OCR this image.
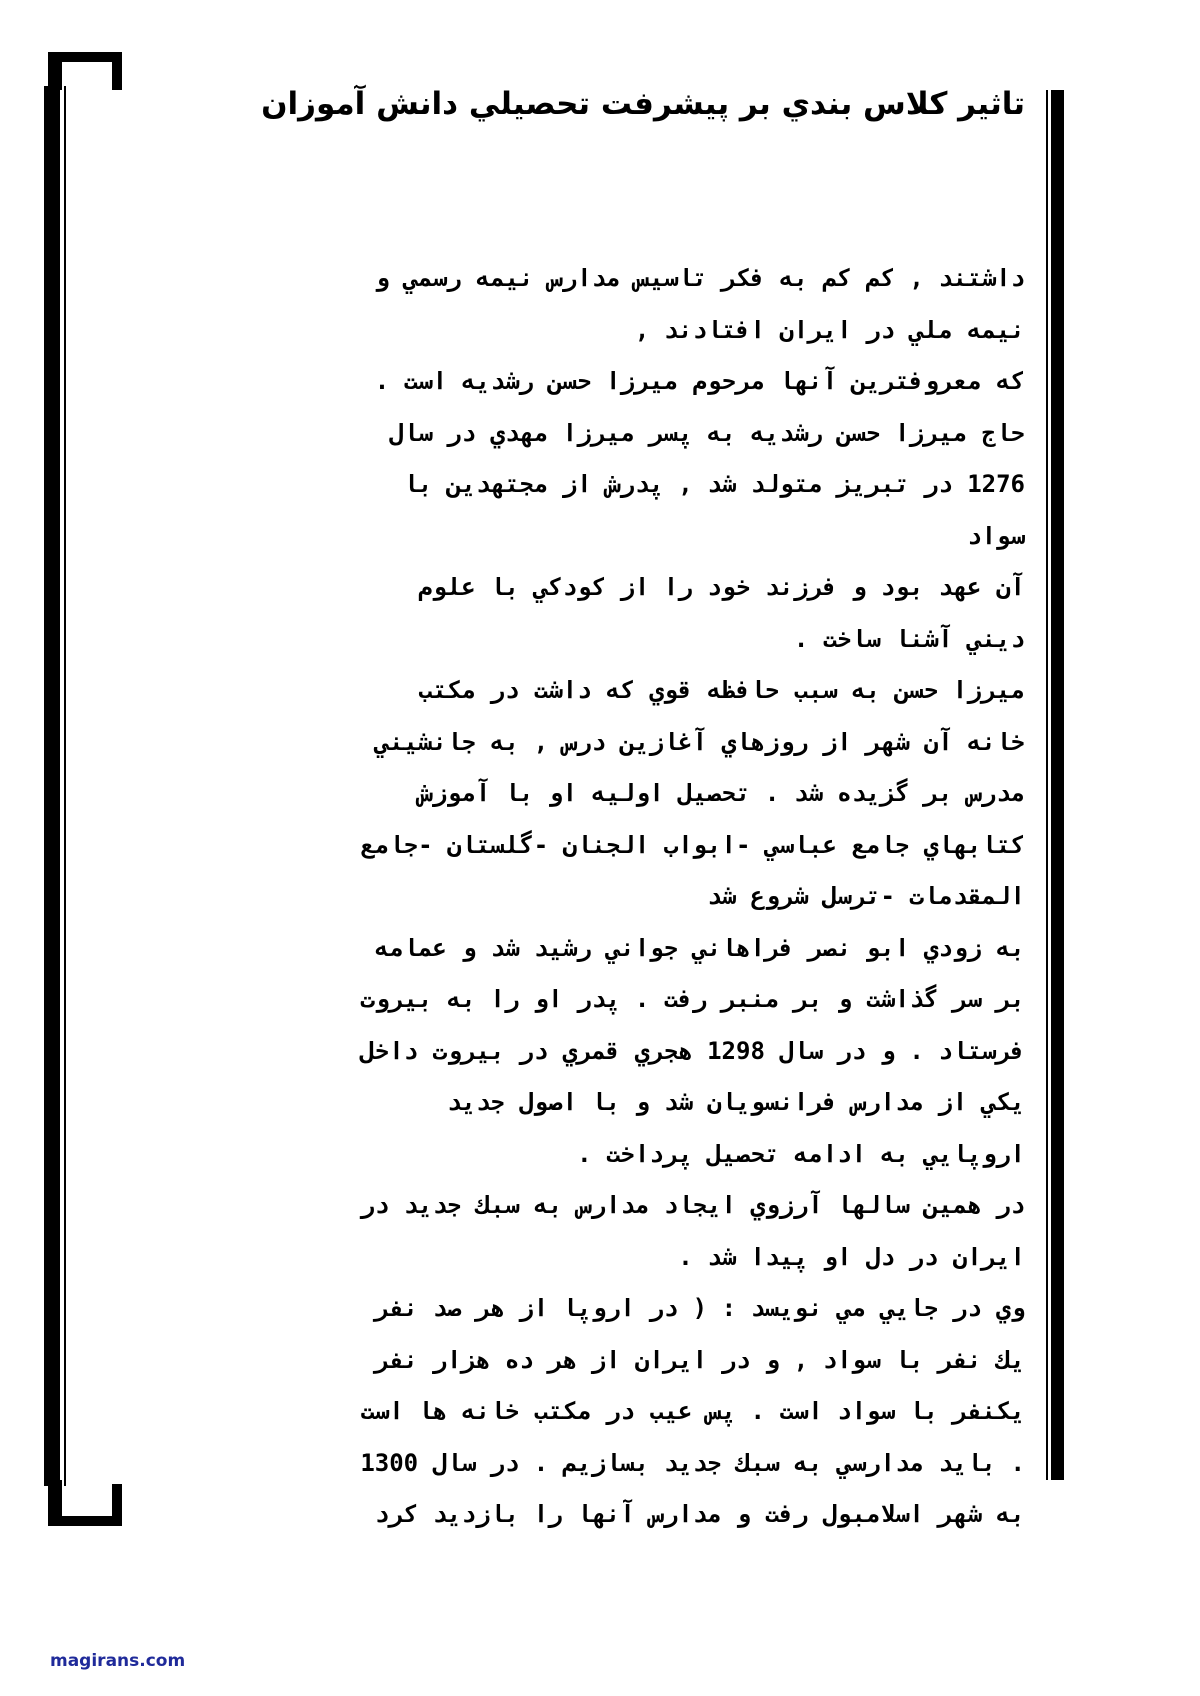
تاثير كلاس بندي بر پيشرفت تحصيلي دانش آموزان
داشتند , كم كم به فكر تاسيس مدارس نيمه رسمي و
نيمه ملي در ايران افتادند ,
كه معروفترين آنها مرحوم ميرزا حسن رشديه است .
حاج ميرزا حسن رشديه به پسر ميرزا مهدي در سال
1276 در تبريز متولد شد , پدرش از مجتهدين با
سواد
آن عهد بود و فرزند خود را از كودكي با علوم
ديني آشنا ساخت .
ميرزا حسن به سبب حافظه قوي كه داشت در مكتب
خانه آن شهر از روزهاي آغازين درس , به جانشيني
مدرس بر گزيده شد . تحصيل اوليه او با آموزش
كتابهاي جامع عباسي -ابواب الجنان -گلستان -جامع
المقدمات -ترسل شروع شد
به زودي ابو نصر فراهاني جواني رشيد شد و عمامه
بر سر گذاشت و بر منبر رفت . پدر او را به بيروت
فرستاد . و در سال 1298 هجري قمري در بيروت داخل
يكي از مدارس فرانسويان شد و با اصول جديد
اروپايي به ادامه تحصيل پرداخت .
در همين سالها آرزوي ايجاد مدارس به سبك جديد در
ايران در دل او پيدا شد .
وي در جايي مي نويسد : ( در اروپا از هر صد نفر
يك نفر با سواد , و در ايران از هر ده هزار نفر
يكنفر با سواد است . پس عيب در مكتب خانه ها است
. بايد مدارسي به سبك جديد بسازيم . در سال 1300
به شهر اسلامبول رفت و مدارس آنها را بازديد كرد
magirans.com
